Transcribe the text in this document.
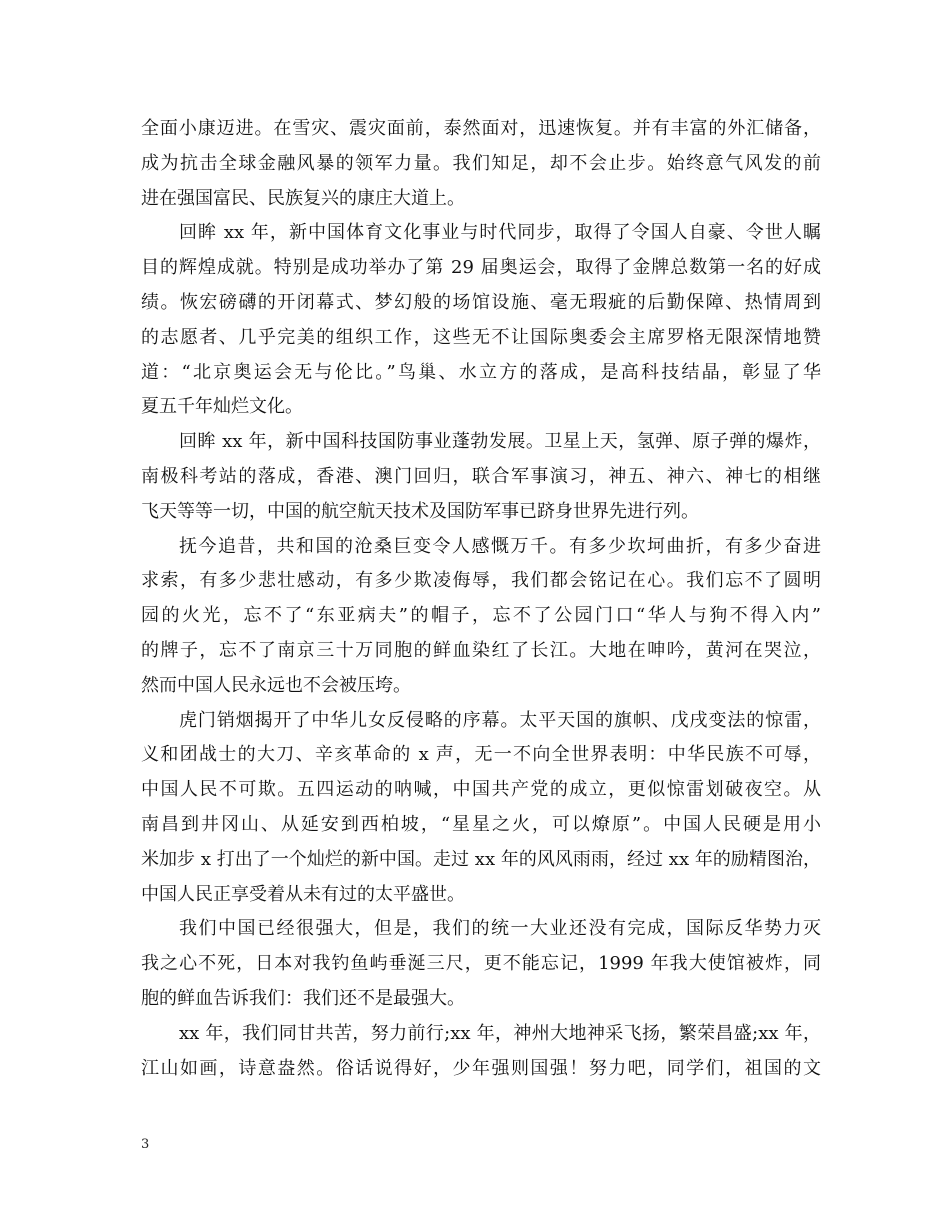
全面小康迈进。在雪灾、震灾面前，泰然面对，迅速恢复。并有丰富的外汇储备，
成为抗击全球金融风暴的领军力量。我们知足，却不会止步。始终意气风发的前
进在强国富民、民族复兴的康庄大道上。
回眸 xx 年，新中国体育文化事业与时代同步，取得了令国人自豪、令世人瞩
目的辉煌成就。特别是成功举办了第 29 届奥运会，取得了金牌总数第一名的好成
绩。恢宏磅礴的开闭幕式、梦幻般的场馆设施、毫无瑕疵的后勤保障、热情周到
的志愿者、几乎完美的组织工作，这些无不让国际奥委会主席罗格无限深情地赞
道：“北京奥运会无与伦比。”鸟巢、水立方的落成，是高科技结晶，彰显了华
夏五千年灿烂文化。
回眸 xx 年，新中国科技国防事业蓬勃发展。卫星上天，氢弹、原子弹的爆炸，
南极科考站的落成，香港、澳门回归，联合军事演习，神五、神六、神七的相继
飞天等等一切，中国的航空航天技术及国防军事已跻身世界先进行列。
抚今追昔，共和国的沧桑巨变令人感慨万千。有多少坎坷曲折，有多少奋进
求索，有多少悲壮感动，有多少欺凌侮辱，我们都会铭记在心。我们忘不了圆明
园的火光，忘不了“东亚病夫”的帽子，忘不了公园门口“华人与狗不得入内”
的牌子，忘不了南京三十万同胞的鲜血染红了长江。大地在呻吟，黄河在哭泣，
然而中国人民永远也不会被压垮。
虎门销烟揭开了中华儿女反侵略的序幕。太平天国的旗帜、戊戌变法的惊雷，
义和团战士的大刀、辛亥革命的 x 声，无一不向全世界表明：中华民族不可辱，
中国人民不可欺。五四运动的呐喊，中国共产党的成立，更似惊雷划破夜空。从
南昌到井冈山、从延安到西柏坡，“星星之火，可以燎原”。中国人民硬是用小
米加步 x 打出了一个灿烂的新中国。走过 xx 年的风风雨雨，经过 xx 年的励精图治，
中国人民正享受着从未有过的太平盛世。
我们中国已经很强大，但是，我们的统一大业还没有完成，国际反华势力灭
我之心不死，日本对我钓鱼屿垂涎三尺，更不能忘记，1999 年我大使馆被炸，同
胞的鲜血告诉我们：我们还不是最强大。
xx 年，我们同甘共苦，努力前行;xx 年，神州大地神采飞扬，繁荣昌盛;xx 年，
江山如画，诗意盎然。俗话说得好，少年强则国强！努力吧，同学们，祖国的文
3
